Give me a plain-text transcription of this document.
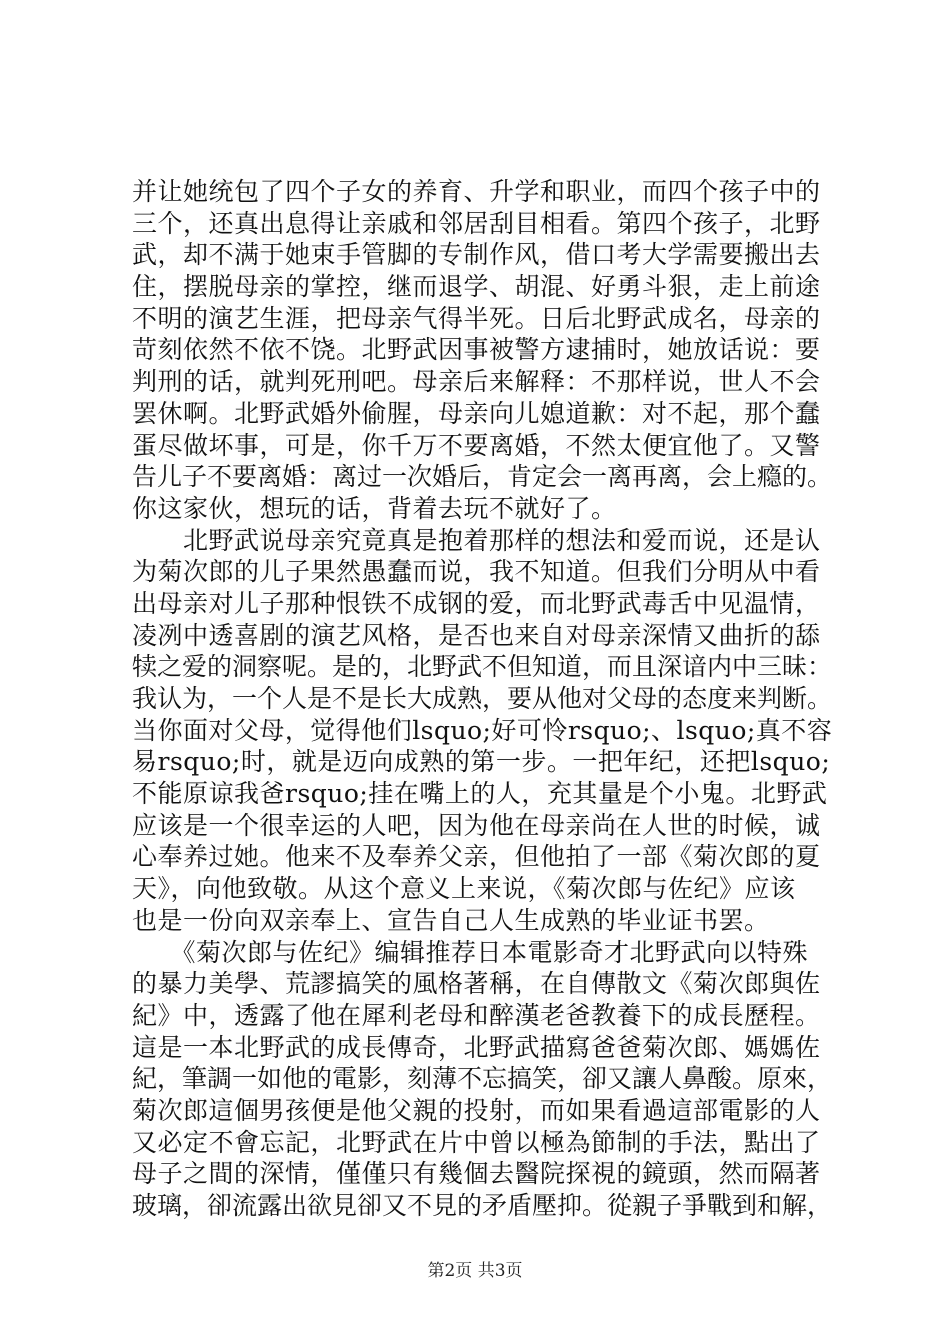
并让她统包了四个子女的养育、升学和职业，而四个孩子中的
三个，还真出息得让亲戚和邻居刮目相看。第四个孩子，北野
武，却不满于她束手管脚的专制作风，借口考大学需要搬出去
住，摆脱母亲的掌控，继而退学、胡混、好勇斗狠，走上前途
不明的演艺生涯，把母亲气得半死。日后北野武成名，母亲的
苛刻依然不依不饶。北野武因事被警方逮捕时，她放话说：要
判刑的话，就判死刑吧。母亲后来解释：不那样说，世人不会
罢休啊。北野武婚外偷腥，母亲向儿媳道歉：对不起，那个蠢
蛋尽做坏事，可是，你千万不要离婚，不然太便宜他了。又警
告儿子不要离婚：离过一次婚后，肯定会一离再离，会上瘾的。
你这家伙，想玩的话，背着去玩不就好了。
　　北野武说母亲究竟真是抱着那样的想法和爱而说，还是认
为菊次郎的儿子果然愚蠢而说，我不知道。但我们分明从中看
出母亲对儿子那种恨铁不成钢的爱，而北野武毒舌中见温情，
凌冽中透喜剧的演艺风格，是否也来自对母亲深情又曲折的舔
犊之爱的洞察呢。是的，北野武不但知道，而且深谙内中三昧：
我认为，一个人是不是长大成熟，要从他对父母的态度来判断。
当你面对父母，觉得他们lsquo;好可怜rsquo;、lsquo;真不容
易rsquo;时，就是迈向成熟的第一步。一把年纪，还把lsquo;
不能原谅我爸rsquo;挂在嘴上的人，充其量是个小鬼。北野武
应该是一个很幸运的人吧，因为他在母亲尚在人世的时候，诚
心奉养过她。他来不及奉养父亲，但他拍了一部《菊次郎的夏
天》，向他致敬。从这个意义上来说，《菊次郎与佐纪》应该
也是一份向双亲奉上、宣告自己人生成熟的毕业证书罢。
　　《菊次郎与佐纪》编辑推荐日本電影奇才北野武向以特殊
的暴力美學、荒謬搞笑的風格著稱，在自傳散文《菊次郎與佐
紀》中，透露了他在犀利老母和醉漢老爸教養下的成長歷程。
這是一本北野武的成長傳奇，北野武描寫爸爸菊次郎、媽媽佐
紀，筆調一如他的電影，刻薄不忘搞笑，卻又讓人鼻酸。原來，
菊次郎這個男孩便是他父親的投射，而如果看過這部電影的人
又必定不會忘記，北野武在片中曾以極為節制的手法，點出了
母子之間的深情，僅僅只有幾個去醫院探視的鏡頭，然而隔著
玻璃，卻流露出欲見卻又不見的矛盾壓抑。從親子爭戰到和解，
第2页 共3页
